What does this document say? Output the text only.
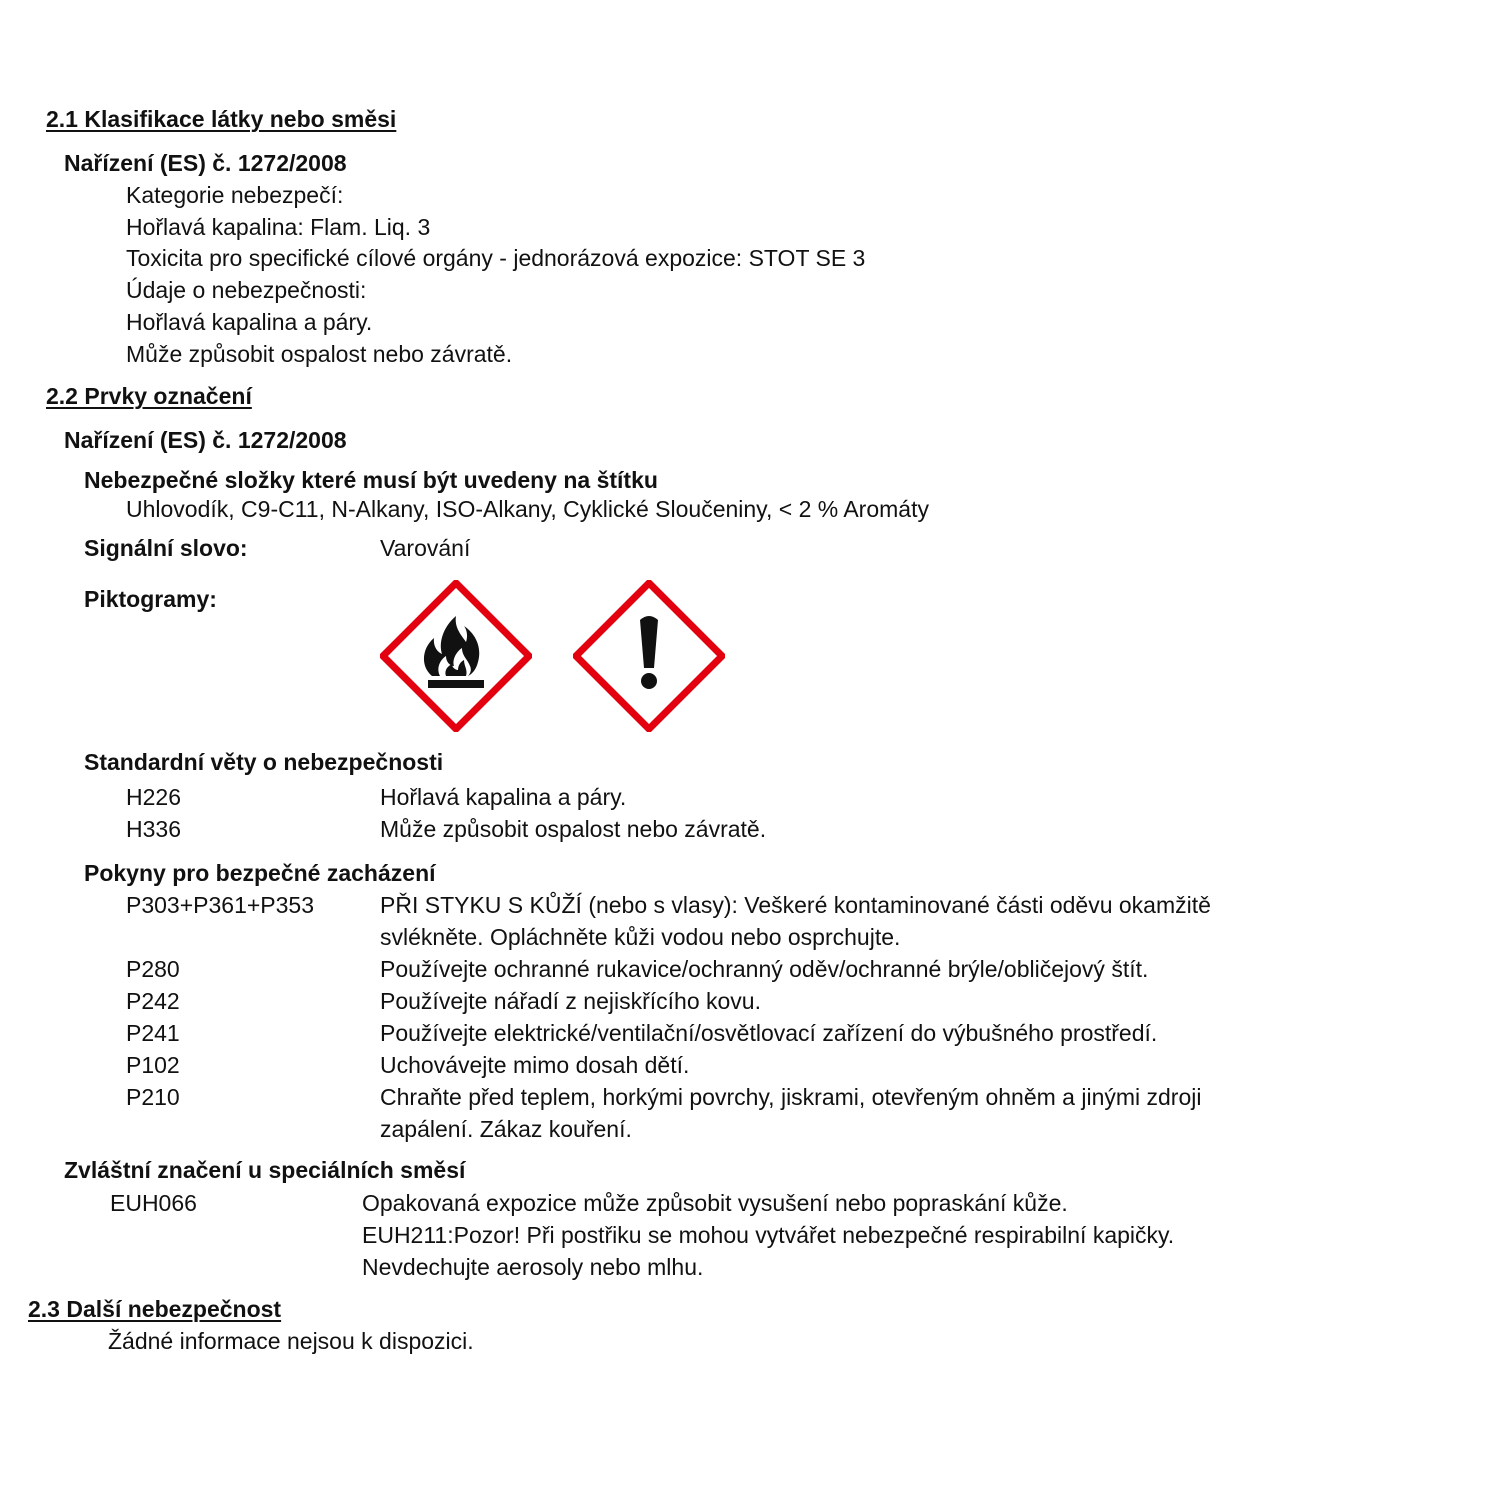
2.1 Klasifikace látky nebo směsi
Nařízení (ES) č. 1272/2008
Kategorie nebezpečí:
Hořlavá kapalina: Flam. Liq. 3
Toxicita pro specifické cílové orgány - jednorázová expozice: STOT SE 3
Údaje o nebezpečnosti:
Hořlavá kapalina a páry.
Může způsobit ospalost nebo závratě.
2.2 Prvky označení
Nařízení (ES) č. 1272/2008
Nebezpečné složky které musí být uvedeny na štítku
Uhlovodík, C9-C11, N-Alkany, ISO-Alkany, Cyklické Sloučeniny, < 2 % Aromáty
Signální slovo:	Varování
Piktogramy:
Standardní věty o nebezpečnosti
H226	Hořlavá kapalina a páry.
H336	Může způsobit ospalost nebo závratě.
Pokyny pro bezpečné zacházení
P303+P361+P353	PŘI STYKU S KŮŽÍ (nebo s vlasy): Veškeré kontaminované části oděvu okamžitě
svlékněte. Opláchněte kůži vodou nebo osprchujte.
P280	Používejte ochranné rukavice/ochranný oděv/ochranné brýle/obličejový štít.
P242	Používejte nářadí z nejiskřícího kovu.
P241	Používejte elektrické/ventilační/osvětlovací zařízení do výbušného prostředí.
P102	Uchovávejte mimo dosah dětí.
P210	Chraňte před teplem, horkými povrchy, jiskrami, otevřeným ohněm a jinými zdroji
zapálení. Zákaz kouření.
Zvláštní značení u speciálních směsí
EUH066	Opakovaná expozice může způsobit vysušení nebo popraskání kůže.
EUH211:Pozor! Při postřiku se mohou vytvářet nebezpečné respirabilní kapičky.
Nevdechujte aerosoly nebo mlhu.
2.3 Další nebezpečnost
Žádné informace nejsou k dispozici.
